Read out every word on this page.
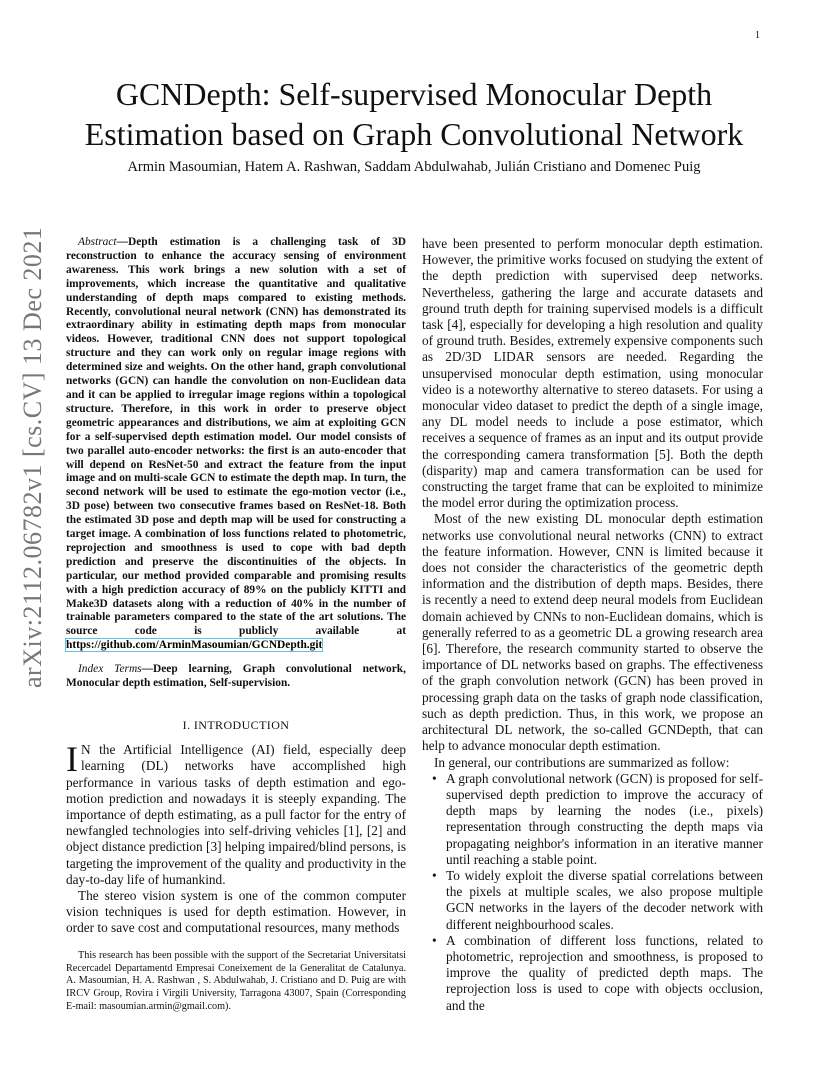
1
arXiv:2112.06782v1 [cs.CV] 13 Dec 2021
GCNDepth: Self-supervised Monocular Depth Estimation based on Graph Convolutional Network
Armin Masoumian, Hatem A. Rashwan, Saddam Abdulwahab, Julián Cristiano and Domenec Puig

Abstract—Depth estimation is a challenging task of 3D reconstruction to enhance the accuracy sensing of environment awareness. This work brings a new solution with a set of improvements, which increase the quantitative and qualitative understanding of depth maps compared to existing methods. Recently, convolutional neural network (CNN) has demonstrated its extraordinary ability in estimating depth maps from monocular videos. However, traditional CNN does not support topological structure and they can work only on regular image regions with determined size and weights. On the other hand, graph convolutional networks (GCN) can handle the convolution on non-Euclidean data and it can be applied to irregular image regions within a topological structure. Therefore, in this work in order to preserve object geometric appearances and distributions, we aim at exploiting GCN for a self-supervised depth estimation model. Our model consists of two parallel auto-encoder networks: the first is an auto-encoder that will depend on ResNet-50 and extract the feature from the input image and on multi-scale GCN to estimate the depth map. In turn, the second network will be used to estimate the ego-motion vector (i.e., 3D pose) between two consecutive frames based on ResNet-18. Both the estimated 3D pose and depth map will be used for constructing a target image. A combination of loss functions related to photometric, reprojection and smoothness is used to cope with bad depth prediction and preserve the discontinuities of the objects. In particular, our method provided comparable and promising results with a high prediction accuracy of 89% on the publicly KITTI and Make3D datasets along with a reduction of 40% in the number of trainable parameters compared to the state of the art solutions. The source code is publicly available at https://github.com/ArminMasoumian/GCNDepth.git

Index Terms—Deep learning, Graph convolutional network, Monocular depth estimation, Self-supervision.

I. INTRODUCTION

I N the Artificial Intelligence (AI) field, especially deep learning (DL) networks have accomplished high performance in various tasks of depth estimation and ego-motion prediction and nowadays it is steeply expanding. The importance of depth estimating, as a pull factor for the entry of newfangled technologies into self-driving vehicles [1], [2] and object distance prediction [3] helping impaired/blind persons, is targeting the improvement of the quality and productivity in the day-to-day life of humankind.

The stereo vision system is one of the common computer vision techniques is used for depth estimation. However, in order to save cost and computational resources, many methods

This research has been possible with the support of the Secretariat Universitatsi Recercadel Departamentd Empresai Coneixement de la Generalitat de Catalunya. A. Masoumian, H. A. Rashwan , S. Abdulwahab, J. Cristiano and D. Puig are with IRCV Group, Rovira i Virgili University, Tarragona 43007, Spain (Corresponding E-mail: masoumian.armin@gmail.com).

have been presented to perform monocular depth estimation. However, the primitive works focused on studying the extent of the depth prediction with supervised deep networks. Nevertheless, gathering the large and accurate datasets and ground truth depth for training supervised models is a difficult task [4], especially for developing a high resolution and quality of ground truth. Besides, extremely expensive components such as 2D/3D LIDAR sensors are needed. Regarding the unsupervised monocular depth estimation, using monocular video is a noteworthy alternative to stereo datasets. For using a monocular video dataset to predict the depth of a single image, any DL model needs to include a pose estimator, which receives a sequence of frames as an input and its output provide the corresponding camera transformation [5]. Both the depth (disparity) map and camera transformation can be used for constructing the target frame that can be exploited to minimize the model error during the optimization process.

Most of the new existing DL monocular depth estimation networks use convolutional neural networks (CNN) to extract the feature information. However, CNN is limited because it does not consider the characteristics of the geometric depth information and the distribution of depth maps. Besides, there is recently a need to extend deep neural models from Euclidean domain achieved by CNNs to non-Euclidean domains, which is generally referred to as a geometric DL a growing research area [6]. Therefore, the research community started to observe the importance of DL networks based on graphs. The effectiveness of the graph convolution network (GCN) has been proved in processing graph data on the tasks of graph node classification, such as depth prediction. Thus, in this work, we propose an architectural DL network, the so-called GCNDepth, that can help to advance monocular depth estimation.

In general, our contributions are summarized as follow:

• A graph convolutional network (GCN) is proposed for self-supervised depth prediction to improve the accuracy of depth maps by learning the nodes (i.e., pixels) representation through constructing the depth maps via propagating neighbor's information in an iterative manner until reaching a stable point.
• To widely exploit the diverse spatial correlations between the pixels at multiple scales, we also propose multiple GCN networks in the layers of the decoder network with different neighbourhood scales.
• A combination of different loss functions, related to photometric, reprojection and smoothness, is proposed to improve the quality of predicted depth maps. The reprojection loss is used to cope with objects occlusion, and the
